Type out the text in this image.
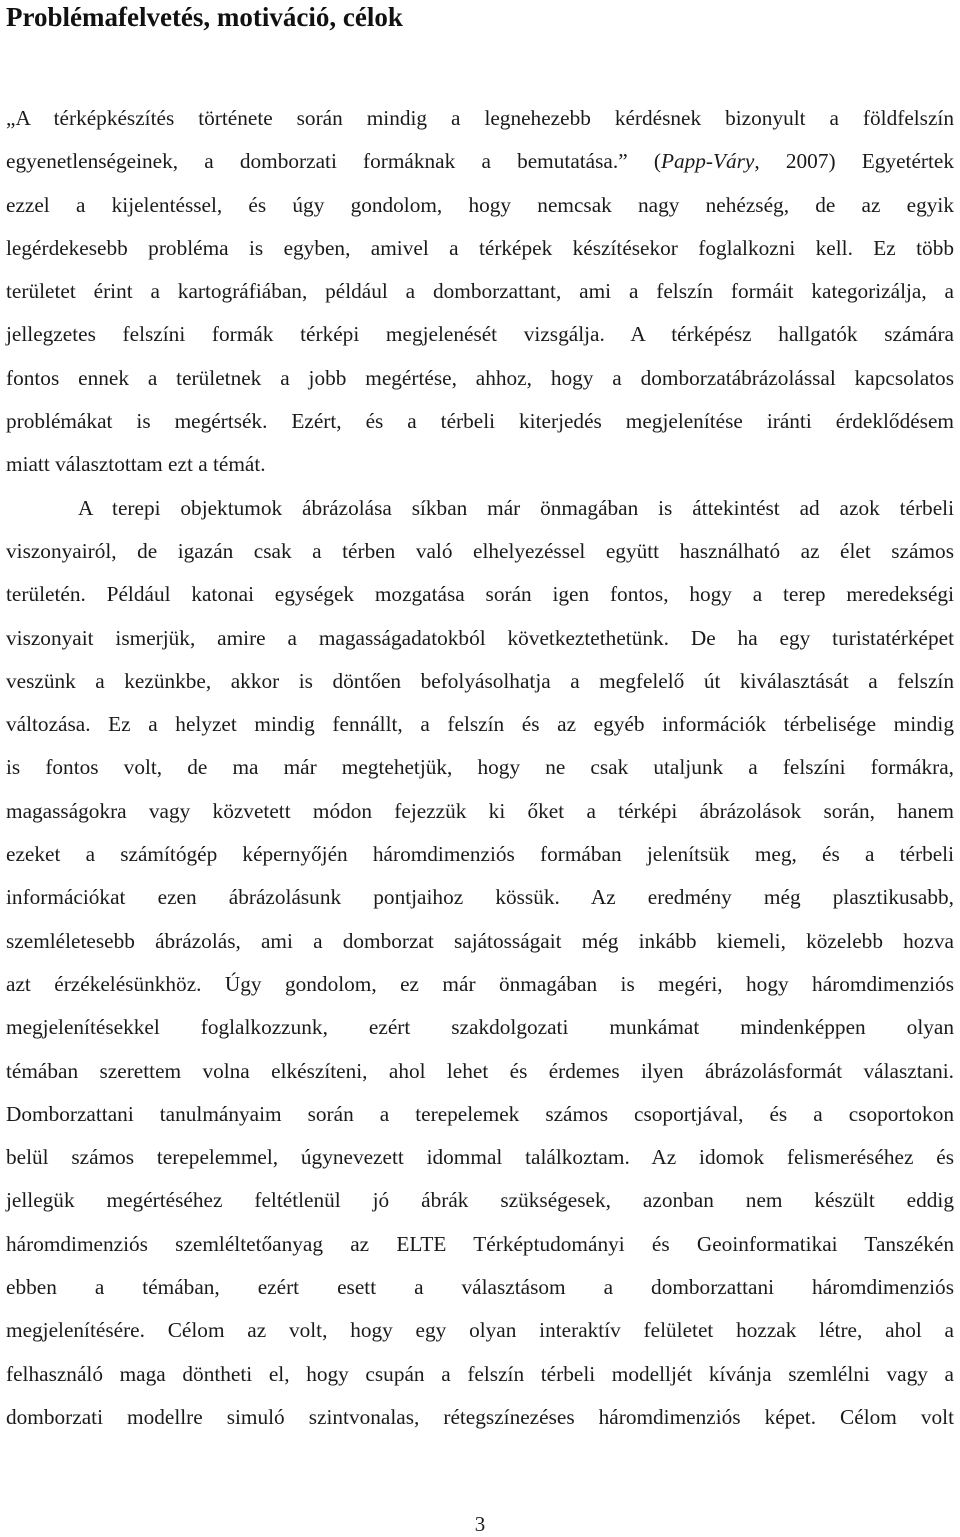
Problémafelvetés, motiváció, célok

„A térképkészítés története során mindig a legnehezebb kérdésnek bizonyult a földfelszín

egyenetlenségeinek, a domborzati formáknak a bemutatása.” (Papp-Váry, 2007) Egyetértek

ezzel a kijelentéssel, és úgy gondolom, hogy nemcsak nagy nehézség, de az egyik

legérdekesebb probléma is egyben, amivel a térképek készítésekor foglalkozni kell. Ez több

területet érint a kartográfiában, például a domborzattant, ami a felszín formáit kategorizálja, a

jellegzetes felszíni formák térképi megjelenését vizsgálja. A térképész hallgatók számára

fontos ennek a területnek a jobb megértése, ahhoz, hogy a domborzatábrázolással kapcsolatos

problémákat is megértsék. Ezért, és a térbeli kiterjedés megjelenítése iránti érdeklődésem

miatt választottam ezt a témát.

A terepi objektumok ábrázolása síkban már önmagában is áttekintést ad azok térbeli

viszonyairól, de igazán csak a térben való elhelyezéssel együtt használható az élet számos

területén. Például katonai egységek mozgatása során igen fontos, hogy a terep meredekségi

viszonyait ismerjük, amire a magasságadatokból következtethetünk. De ha egy turistatérképet

veszünk a kezünkbe, akkor is döntően befolyásolhatja a megfelelő út kiválasztását a felszín

változása. Ez a helyzet mindig fennállt, a felszín és az egyéb információk térbelisége mindig

is fontos volt, de ma már megtehetjük, hogy ne csak utaljunk a felszíni formákra,

magasságokra vagy közvetett módon fejezzük ki őket a térképi ábrázolások során, hanem

ezeket a számítógép képernyőjén háromdimenziós formában jelenítsük meg, és a térbeli

információkat ezen ábrázolásunk pontjaihoz kössük. Az eredmény még plasztikusabb,

szemléletesebb ábrázolás, ami a domborzat sajátosságait még inkább kiemeli, közelebb hozva

azt érzékelésünkhöz. Úgy gondolom, ez már önmagában is megéri, hogy háromdimenziós

megjelenítésekkel foglalkozzunk, ezért szakdolgozati munkámat mindenképpen olyan

témában szerettem volna elkészíteni, ahol lehet és érdemes ilyen ábrázolásformát választani.

Domborzattani tanulmányaim során a terepelemek számos csoportjával, és a csoportokon

belül számos terepelemmel, úgynevezett idommal találkoztam. Az idomok felismeréséhez és

jellegük megértéséhez feltétlenül jó ábrák szükségesek, azonban nem készült eddig

háromdimenziós szemléltetőanyag az ELTE Térképtudományi és Geoinformatikai Tanszékén

ebben a témában, ezért esett a választásom a domborzattani háromdimenziós

megjelenítésére. Célom az volt, hogy egy olyan interaktív felületet hozzak létre, ahol a

felhasználó maga döntheti el, hogy csupán a felszín térbeli modelljét kívánja szemlélni vagy a

domborzati modellre simuló szintvonalas, rétegszínezéses háromdimenziós képet. Célom volt

3
